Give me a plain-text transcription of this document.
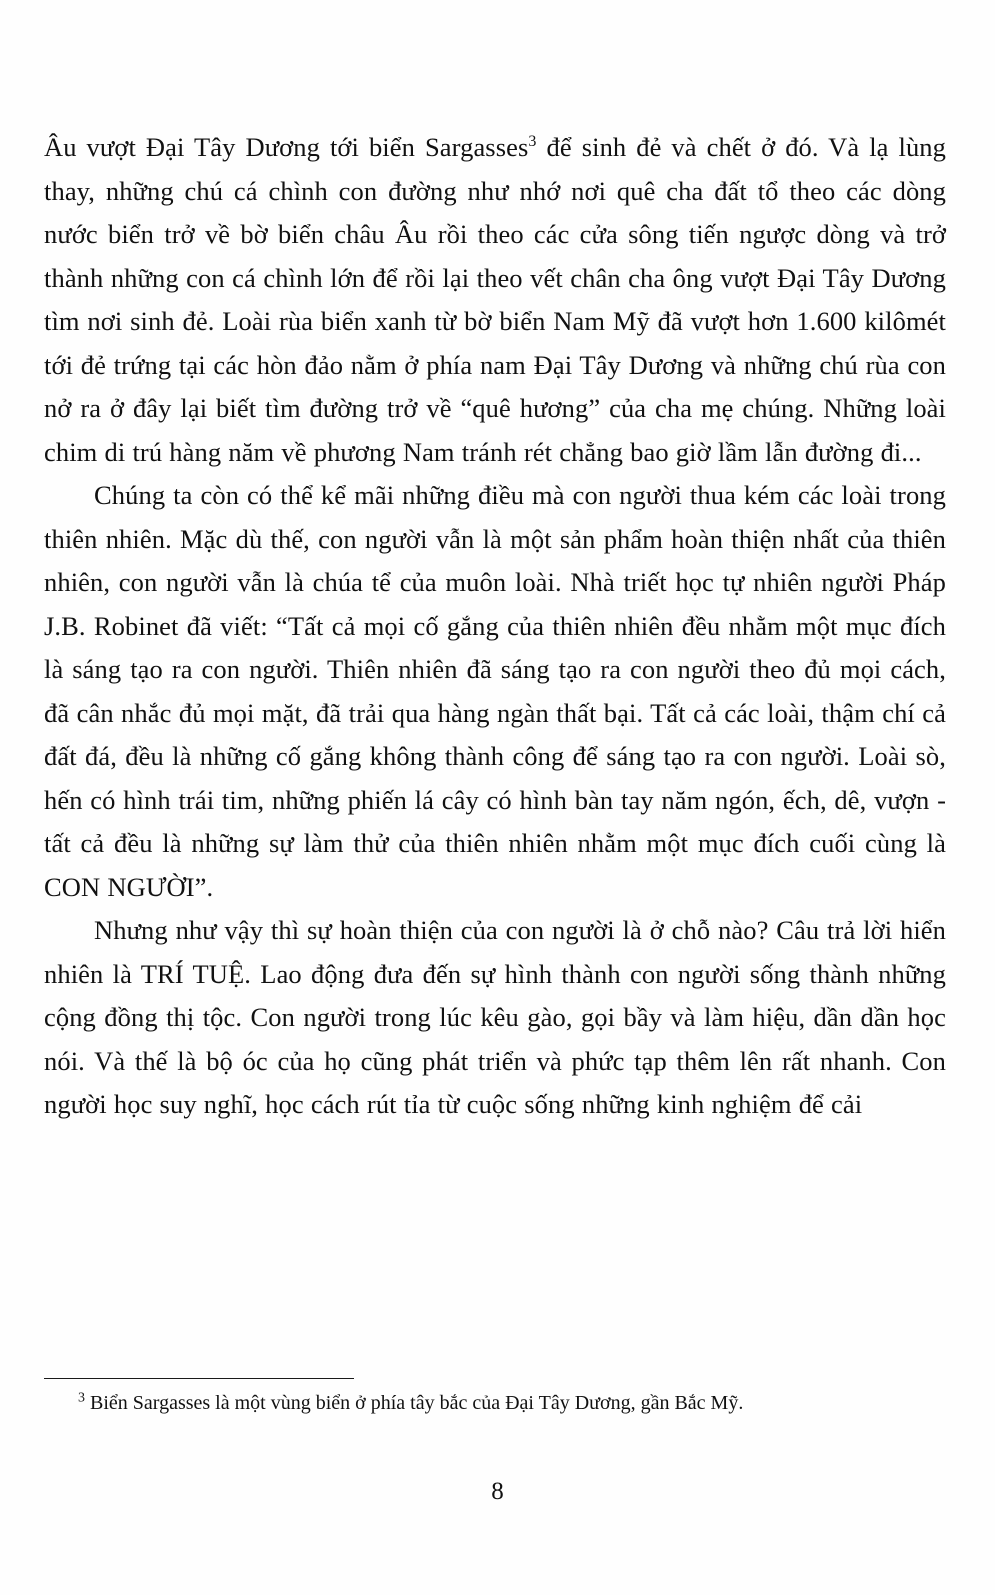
Âu vượt Đại Tây Dương tới biển Sargasses$^3$ để sinh đẻ và chết ở đó. Và lạ lùng thay, những chú cá chình con đường như nhớ nơi quê cha đất tổ theo các dòng nước biển trở về bờ biển châu Âu rồi theo các cửa sông tiến ngược dòng và trở thành những con cá chình lớn để rồi lại theo vết chân cha ông vượt Đại Tây Dương tìm nơi sinh đẻ. Loài rùa biển xanh từ bờ biển Nam Mỹ đã vượt hơn 1.600 kilômét tới đẻ trứng tại các hòn đảo nằm ở phía nam Đại Tây Dương và những chú rùa con nở ra ở đây lại biết tìm đường trở về “quê hương” của cha mẹ chúng. Những loài chim di trú hàng năm về phương Nam tránh rét chẳng bao giờ lầm lẫn đường đi...

Chúng ta còn có thể kể mãi những điều mà con người thua kém các loài trong thiên nhiên. Mặc dù thế, con người vẫn là một sản phẩm hoàn thiện nhất của thiên nhiên, con người vẫn là chúa tể của muôn loài. Nhà triết học tự nhiên người Pháp J.B. Robinet đã viết: “Tất cả mọi cố gắng của thiên nhiên đều nhằm một mục đích là sáng tạo ra con người. Thiên nhiên đã sáng tạo ra con người theo đủ mọi cách, đã cân nhắc đủ mọi mặt, đã trải qua hàng ngàn thất bại. Tất cả các loài, thậm chí cả đất đá, đều là những cố gắng không thành công để sáng tạo ra con người. Loài sò, hến có hình trái tim, những phiến lá cây có hình bàn tay năm ngón, ếch, dê, vượn - tất cả đều là những sự làm thử của thiên nhiên nhằm một mục đích cuối cùng là CON NGƯỜI”.

Nhưng như vậy thì sự hoàn thiện của con người là ở chỗ nào? Câu trả lời hiển nhiên là TRÍ TUỆ. Lao động đưa đến sự hình thành con người sống thành những cộng đồng thị tộc. Con người trong lúc kêu gào, gọi bầy và làm hiệu, dần dần học nói. Và thế là bộ óc của họ cũng phát triển và phức tạp thêm lên rất nhanh. Con người học suy nghĩ, học cách rút tỉa từ cuộc sống những kinh nghiệm để cải

$^3$ Biển Sargasses là một vùng biển ở phía tây bắc của Đại Tây Dương, gần Bắc Mỹ.

8
